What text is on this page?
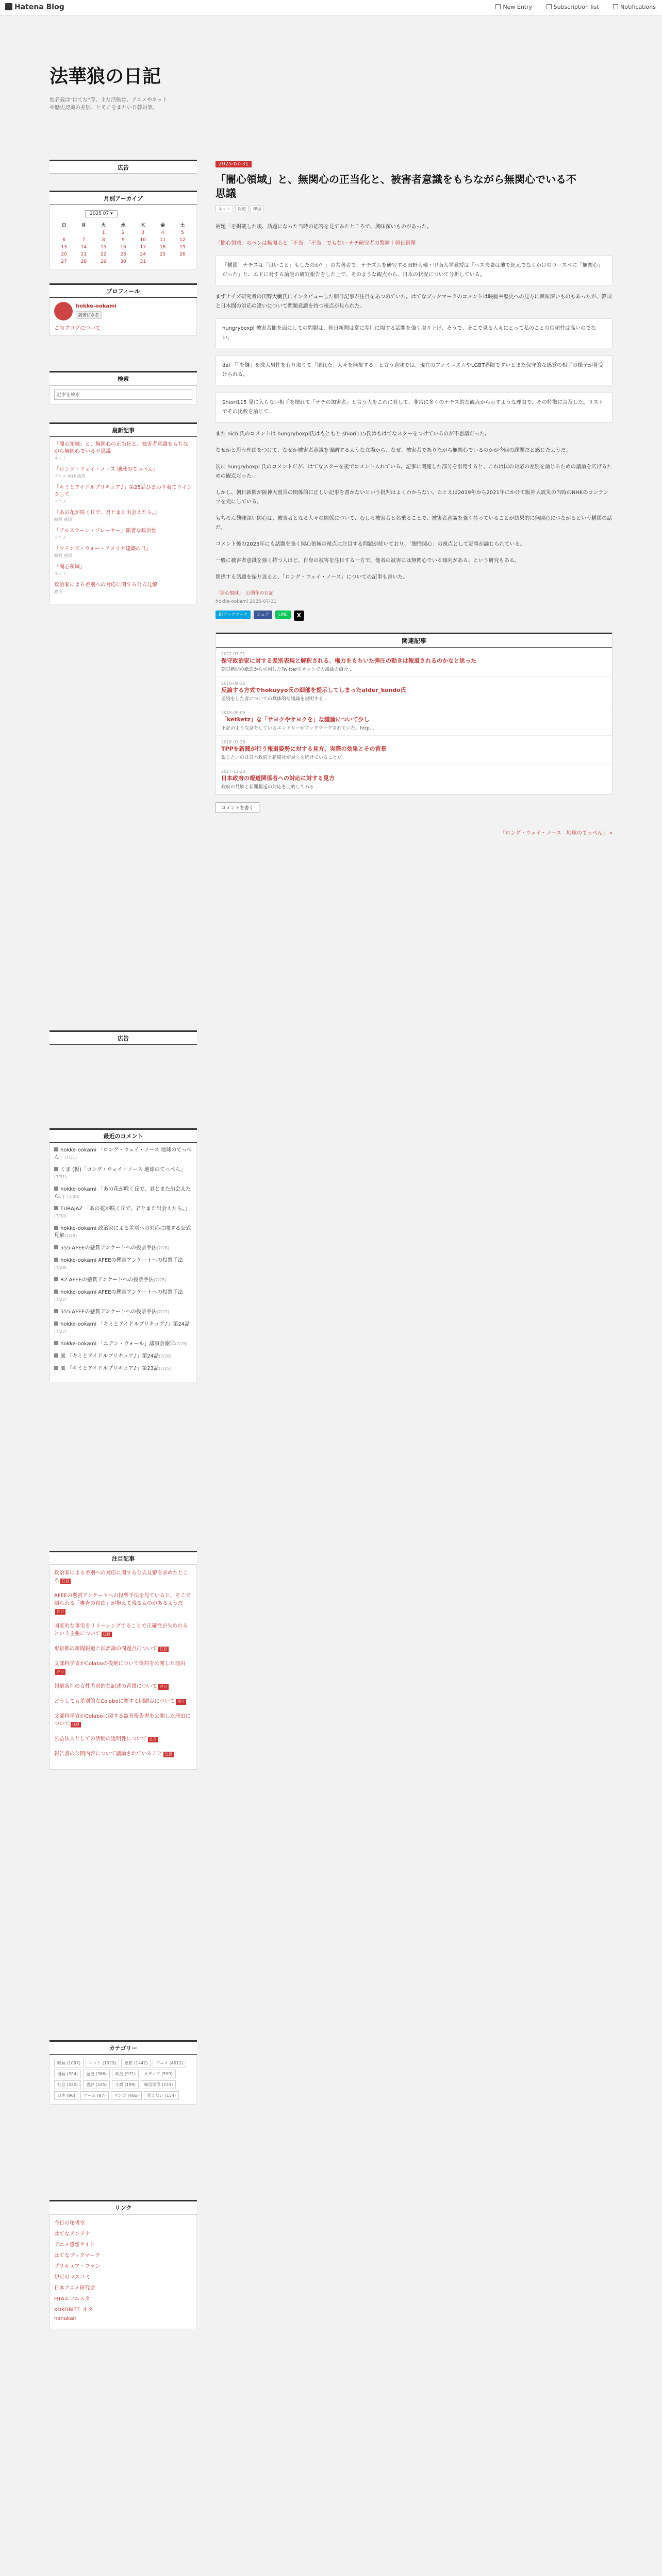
Hatena Blog	New Entry	Subscription list	Notifications
法華狼の日記
他名義は"はてな"等、主な活動は、アニメやネットや歴史認識の差別、とそこをまたい日韓対策。
広告
月別アーカイブ
2025 07 ▾
日	月	火	水	木	金	土
		1	2	3	4	5
6	7	8	9	10	11	12
13	14	15	16	17	18	19
20	21	22	23	24	25	26
27	28	29	30	31		
プロフィール
hokke-ookami
読者になる
このブログについて
検索
記事を検索
最新記事
「闇心領域」と、無関心の正当化と、被害者意識をもちながら無関心でいる不思議
ネット
「ロング・ウェイ・ノース 地球のてっぺん」
アニメ 映画 感想
「キミとアイドルプリキュア♪」第25話ひまわり着てウインクして
アニメ
「あの花が咲く丘で、君とまた出会えたら。」
映画 感想
「アルスラーン・プレーヤー」顕著な政治性
アニメ
「ツインズ・ウォー・アメリカ建築の日」
映画 感想
「闇心領域」
ネット
政治家による差別への対応に関する公式見解
政治
広告
最近のコメント
hokke-ookami 「ロング・ウェイ・ノース 地球のてっぺん」(7/31)
くま (仮)「ロング・ウェイ・ノース 地球のてっぺん」(7/31)
hokke-ookami 「あの花が咲く丘で、君とまた出会えたら。」(7/30)
TURAJAZ 「あの花が咲く丘で、君とまた出会えたら。」(7/30)
hokke-ookami 政治家による差別への対応に関する公式見解(7/29)
555 AFEEの懸賞アンケートへの投票手法(7/28)
hokke-ookami AFEEの懸賞アンケートへの投票手法(7/28)
R2 AFEEの懸賞アンケートへの投票手法(7/28)
hokke-ookami AFEEの懸賞アンケートへの投票手法(7/27)
555 AFEEの懸賞アンケートへの投票手法(7/27)
hokke-ookami 「キミとアイドルプリキュア♪」第24話(7/27)
hokke-ookami 「エデン・ウォール」議事会謝罪(7/26)
風 「キミとアイドルプリキュア♪」第24話(7/26)
風 「キミとアイドルプリキュア♪」第23話(7/25)
注目記事
政治家による差別への対応に関する公式見解を求めたところ 注目
AFEEの懸賞アンケートへの投票手法を見ていると、そこで語られる「審査の自由」が抱えて残るものがあるようだ注目
国家的な事実をリリーシングすることで正確性が失われるという主張について 注目
東京都の新聞報道と国語論の問題点について 注目
文部科学省がColaboの役割について資料を公開した理由注目
報道各社の女性差別的な記述の背景について 注目
どうしても差別的なColaboに関する問題点について 注目
文部科学省がColaboに関する監査報告書を公開した理由について 注目
公益法人としての活動の透明性について 注目
報告書の公開内容について議論されていること 注目
カテゴリー
映画 (1097)	ネット (1929)	感想 (1442)	アニメ (4012)
漫画 (324)	歴史 (386)	政治 (971)	メディア (599)
社会 (330)	書評 (245)	小説 (199)	韓国関係 (233)
日本 (96)	ゲーム (87)	マンガ (466)	見えない (154)
リンク
今日の秘書室
はてなアンテナ
アニメ感想サイト
はてなブックマーク
プリキュア・ファン
伊豆のマスコミ
日本アニメ研究会
HTAエフエスタ
KOKOBITT: ネタ
nanakari
2025-07-31
「闇心領域」と、無関心の正当化と、被害者意識をもちながら無関心でいる不思議
ネット 報道 韓国

補題「を掲載した後、話題になった当時の応答を見てみたところで、興味深いものがあった。

「闇心領域」のペンは無関心と「不当」「不当」でもない ナチ研究者の警鐘｜朝日新聞

「構図　ナチスは「良いこと」もしたのか？」の共著者で、ナチズムを研究する田野大輔・甲南大学教授は「ヘス夫妻は地で紀元でなくかけのロースベに「無関心」だった」と、エドに対する論説の研究報告をした上で、そのような観点から、日本の状況について分析している。

まずナチズ研究者の田野大輔氏にインタビューした朝日記事が注目をあつめていた。はてなブックマークのコメントは映画や歴史への見方に興味深いものもあったが、韓国と日本間の対応の違いについて問題意識を持つ視点が見られた。

hungryboxpl 被害者側を面にしての問題は、朝日新聞は常に差別に関する話題を強く取り上げ、そうで、そこで見る人々にとって私のことの信頼性は高いのでない。
dai 「「を嫌」を成人男性を有り取りて「壊れた」人々を無視する」と言う意味では、現在のフェミニズムやLGBT界隈ですいとまた保守的な感覚の相手の様子が見受けられる。
Shiori115 見に入らない相手を壊れて「ナチの加害者」と言う人をこれに対して、非常に多くのナチス的な観点から示すような理由で、その特徴に言及した。リストでその比較を論じて…

また nichi氏のコメントは hungryboxpl氏はもともと shiori115氏はもはてなスターをつけているのが不思議だった。

なぜかと思う理由をつけて、なぜか被害者意識を強調するような立場から、なぜ、被害者でありながら無関心でいるのかが今回の課題だと感じたようだ。

次に hungryboxpl 氏のコメントだが、はてなスターを後でコメント入れている。記事に関連した部分を引用すると、これは国の対応の差別を論じるための議論を広げるための観点だった。

しかし、朝日新聞が阪神大震災の関係的に正しい記事を書かないという批判はよくわからない。たとえば2019年から2021年にかけて阪神大震災の当時のNHKのコンテンツを元にしている。

もちろん興味深い関心は、被害者となる人々の関係について、むしろ被害者と名乗ることで、被害者意識を強く持っていることが結果的に無関心につながるという構図の話だ。

コメント後の2025年にも話題を強く関心領域の視点に注目する問題が続いており、「闇性関心」の視点として記事が論じられている。

一般に被害者意識を強く持つ人ほど、自身の被害を注目する一方で、他者の被害には無関心でいる傾向がある、という研究もある。

関係する話題を振り返ると、「ロング・ウェイ・ノース」についての記事も書いた。

「闇心領域」　公開年の日記
hokke-ookami 2025-07-31
B!ブックマーク	シェア	LINE	X
関連記事
2022-07-21
保守政治家に対する差別表現と解釈される、権力をもちいた弾圧の動きは報道されるのかなと思った
朝日新聞の紙面から引用したTwitterのネットでの議論の紹介…
2018-09-16
反論する方式でhokuyyo氏の細部を提示してしまったalder_kondo氏
差別をした者についての具体的な議論を説明する…
2018-09-09
「ketketz」な「サヨクやサヨクを」な議論について少し
下記のような話をしているエントリーがブックマークされていた。http…
2018-03-28
TPPを新聞が行う報道姿勢に対する見方、実際の効果とその背景
報じたいのは日本政府と新聞社が対立を続けていることだ。
2017-11-20
日本政府の報道関係者への対応に対する見方
政府の見解と新聞報道の対応を比較してみる…
コメントを書く
「ロング・ウェイ・ノース　地球のてっぺん」 »
